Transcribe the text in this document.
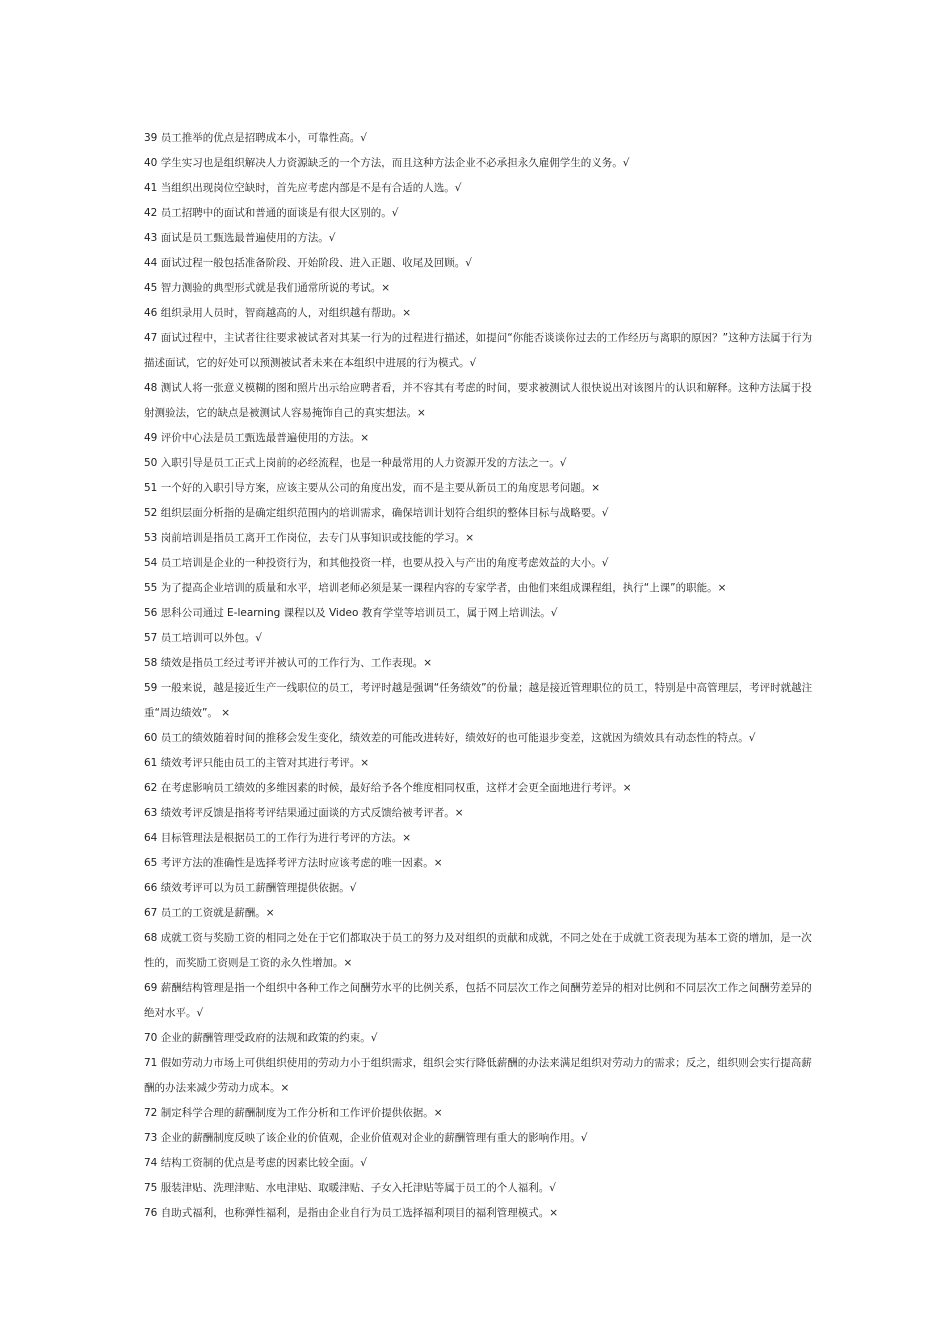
39 员工推举的优点是招聘成本小，可靠性高。√
40 学生实习也是组织解决人力资源缺乏的一个方法，而且这种方法企业不必承担永久雇佣学生的义务。√
41 当组织出现岗位空缺时，首先应考虑内部是不是有合适的人选。√
42 员工招聘中的面试和普通的面谈是有很大区别的。√
43 面试是员工甄选最普遍使用的方法。√
44 面试过程一般包括准备阶段、开始阶段、进入正题、收尾及回顾。√
45 智力测验的典型形式就是我们通常所说的考试。×
46 组织录用人员时，智商越高的人，对组织越有帮助。×
47 面试过程中，主试者往往要求被试者对其某一行为的过程进行描述，如提问“你能否谈谈你过去的工作经历与离职的原因？”这种方法属于行为描述面试，它的好处可以预测被试者未来在本组织中进展的行为模式。√
48 测试人将一张意义模糊的图和照片出示给应聘者看，并不容其有考虑的时间，要求被测试人很快说出对该图片的认识和解释。这种方法属于投射测验法，它的缺点是被测试人容易掩饰自己的真实想法。×
49 评价中心法是员工甄选最普遍使用的方法。×
50 入职引导是员工正式上岗前的必经流程，也是一种最常用的人力资源开发的方法之一。√
51 一个好的入职引导方案，应该主要从公司的角度出发，而不是主要从新员工的角度思考问题。×
52 组织层面分析指的是确定组织范围内的培训需求，确保培训计划符合组织的整体目标与战略要。√
53 岗前培训是指员工离开工作岗位，去专门从事知识或技能的学习。×
54 员工培训是企业的一种投资行为，和其他投资一样，也要从投入与产出的角度考虑效益的大小。√
55 为了提高企业培训的质量和水平，培训老师必须是某一课程内容的专家学者，由他们来组成课程组，执行“上课”的职能。×
56 思科公司通过 E-learning 课程以及 Video 教育学堂等培训员工，属于网上培训法。√
57 员工培训可以外包。√
58 绩效是指员工经过考评并被认可的工作行为、工作表现。×
59 一般来说，越是接近生产一线职位的员工，考评时越是强调“任务绩效”的份量；越是接近管理职位的员工，特别是中高管理层，考评时就越注重“周边绩效”。 ×
60 员工的绩效随着时间的推移会发生变化，绩效差的可能改进转好，绩效好的也可能退步变差，这就因为绩效具有动态性的特点。√
61 绩效考评只能由员工的主管对其进行考评。×
62 在考虑影响员工绩效的多维因素的时候，最好给予各个维度相同权重，这样才会更全面地进行考评。×
63 绩效考评反馈是指将考评结果通过面谈的方式反馈给被考评者。×
64 目标管理法是根据员工的工作行为进行考评的方法。×
65 考评方法的准确性是选择考评方法时应该考虑的唯一因素。×
66 绩效考评可以为员工薪酬管理提供依据。√
67 员工的工资就是薪酬。×
68 成就工资与奖励工资的相同之处在于它们都取决于员工的努力及对组织的贡献和成就，不同之处在于成就工资表现为基本工资的增加，是一次性的，而奖励工资则是工资的永久性增加。×
69 薪酬结构管理是指一个组织中各种工作之间酬劳水平的比例关系，包括不同层次工作之间酬劳差异的相对比例和不同层次工作之间酬劳差异的绝对水平。√
70 企业的薪酬管理受政府的法规和政策的约束。√
71 假如劳动力市场上可供组织使用的劳动力小于组织需求，组织会实行降低薪酬的办法来满足组织对劳动力的需求；反之，组织则会实行提高薪酬的办法来减少劳动力成本。×
72 制定科学合理的薪酬制度为工作分析和工作评价提供依据。×
73 企业的薪酬制度反映了该企业的价值观，企业价值观对企业的薪酬管理有重大的影响作用。√
74 结构工资制的优点是考虑的因素比较全面。√
75 服装津贴、洗理津贴、水电津贴、取暖津贴、子女入托津贴等属于员工的个人福利。√
76 自助式福利，也称弹性福利，是指由企业自行为员工选择福利项目的福利管理模式。×
